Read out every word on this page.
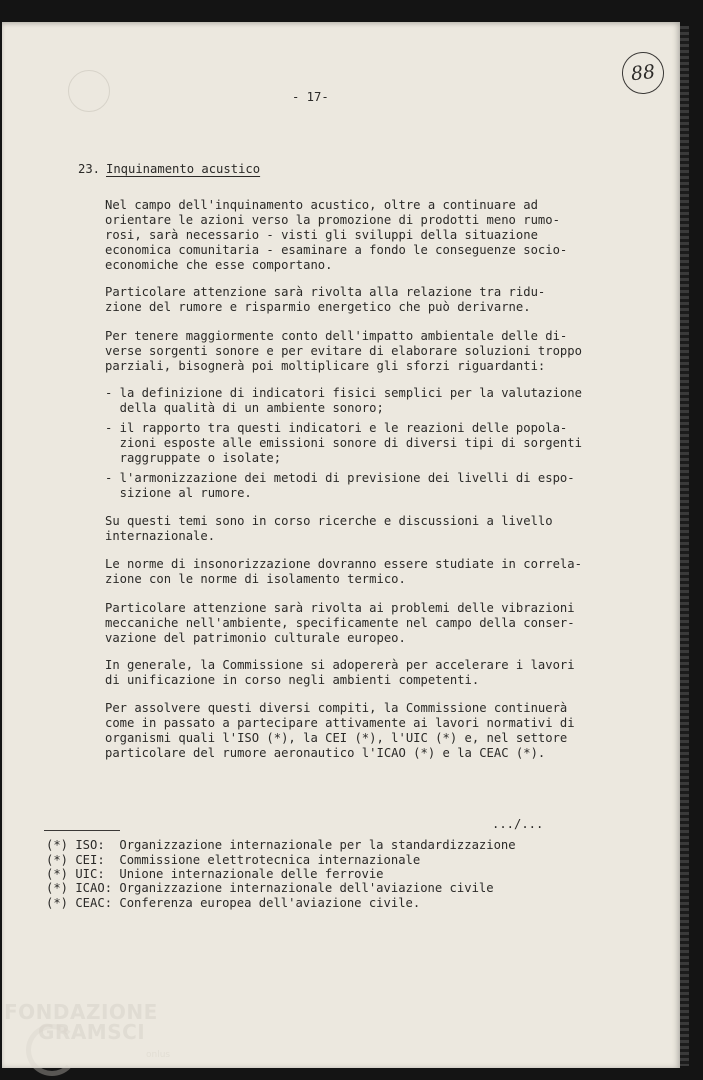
88
- 17-
23. Inquinamento acustico
Nel campo dell'inquinamento acustico, oltre a continuare ad
orientare le azioni verso la promozione di prodotti meno rumo-
rosi, sarà necessario - visti gli sviluppi della situazione
economica comunitaria - esaminare a fondo le conseguenze socio-
economiche che esse comportano.
Particolare attenzione sarà rivolta alla relazione tra ridu-
zione del rumore e risparmio energetico che può derivarne.
Per tenere maggiormente conto dell'impatto ambientale delle di-
verse sorgenti sonore e per evitare di elaborare soluzioni troppo
parziali, bisognerà poi moltiplicare gli sforzi riguardanti:
- la definizione di indicatori fisici semplici per la valutazione
della qualità di un ambiente sonoro;
- il rapporto tra questi indicatori e le reazioni delle popola-
zioni esposte alle emissioni sonore di diversi tipi di sorgenti
raggruppate o isolate;
- l'armonizzazione dei metodi di previsione dei livelli di espo-
sizione al rumore.
Su questi temi sono in corso ricerche e discussioni a livello
internazionale.
Le norme di insonorizzazione dovranno essere studiate in correla-
zione con le norme di isolamento termico.
Particolare attenzione sarà rivolta ai problemi delle vibrazioni
meccaniche nell'ambiente, specificamente nel campo della conser-
vazione del patrimonio culturale europeo.
In generale, la Commissione si adopererà per accelerare i lavori
di unificazione in corso negli ambienti competenti.
Per assolvere questi diversi compiti, la Commissione continuerà
come in passato a partecipare attivamente ai lavori normativi di
organismi quali l'ISO (*), la CEI (*), l'UIC (*) e, nel settore
particolare del rumore aeronautico l'ICAO (*) e la CEAC (*).
.../...
(*) ISO:  Organizzazione internazionale per la standardizzazione
(*) CEI:  Commissione elettrotecnica internazionale
(*) UIC:  Unione internazionale delle ferrovie
(*) ICAO: Organizzazione internazionale dell'aviazione civile
(*) CEAC: Conferenza europea dell'aviazione civile.
FONDAZIONE
GRAMSCI
onlus
